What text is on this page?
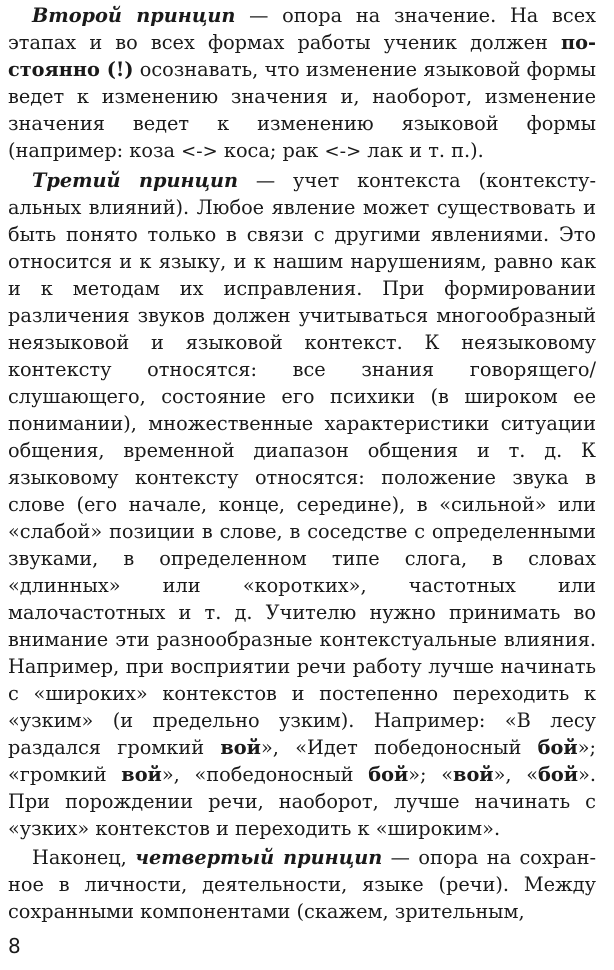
Второй принцип — опора на значение. На всех этапах и во всех формах работы ученик должен постоянно (!) осознавать, что изменение языковой формы ведет к изменению значения и, наоборот, изменение значения ведет к изменению языковой формы (например: коза <-> коса; рак <-> лак и т. п.).

Третий принцип — учет контекста (контекстуальных влияний). Любое явление может существовать и быть понято только в связи с другими явлениями. Это относится и к языку, и к нашим нарушениям, равно как и к методам их исправления. При формировании различения звуков должен учитываться многообразный неязыковой и языковой контекст. К неязыковому контексту относятся: все знания говорящего/слушающего, состояние его психики (в широком ее понимании), множественные характеристики ситуации общения, временной диапазон общения и т. д. К языковому контексту относятся: положение звука в слове (его начале, конце, середине), в «сильной» или «слабой» позиции в слове, в соседстве с определенными звуками, в определенном типе слога, в словах «длинных» или «коротких», частотных или малочастотных и т. д. Учителю нужно принимать во внимание эти разнообразные контекстуальные влияния. Например, при восприятии речи работу лучше начинать с «широких» контекстов и постепенно переходить к «узким» (и предельно узким). Например: «В лесу раздался громкий вой», «Идет победоносный бой»; «громкий вой», «победоносный бой»; «вой», «бой». При порождении речи, наоборот, лучше начинать с «узких» контекстов и переходить к «широким».

Наконец, четвертый принцип — опора на сохранное в личности, деятельности, языке (речи). Между сохранными компонентами (скажем, зрительным,

8
